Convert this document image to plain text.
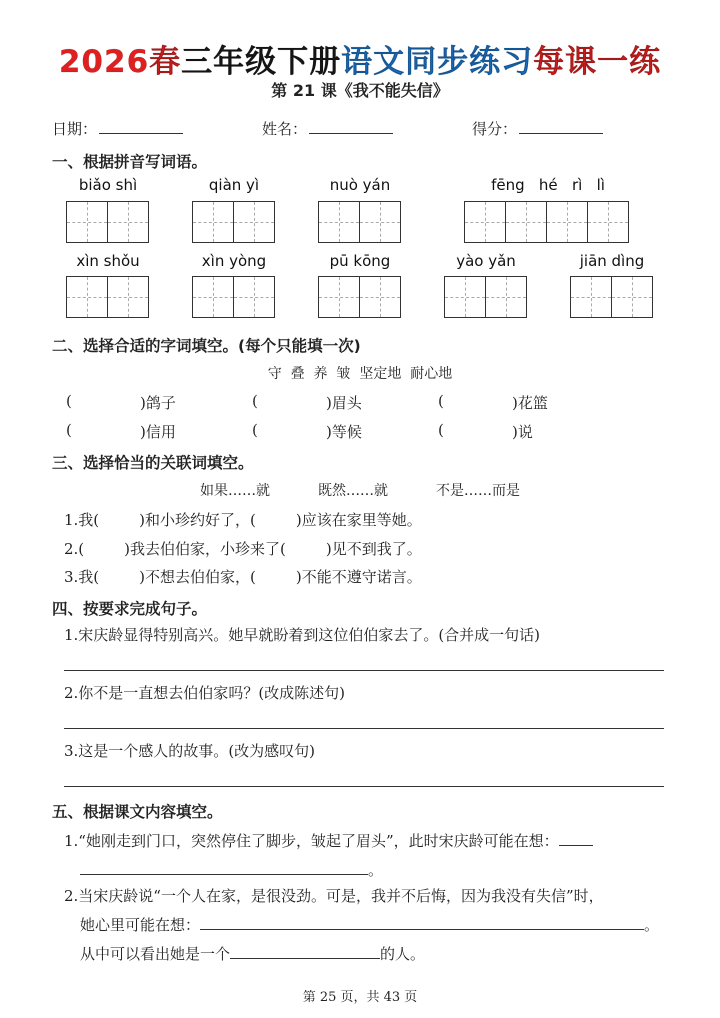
2026春三年级下册语文同步练习每课一练
第 21 课《我不能失信》
日期：	姓名：	得分：
一、根据拼音写词语。
biǎo shì	qiàn yì	nuò yán	fēng   hé   rì   lì
xìn shǒu	xìn yòng	pū kōng	yào yǎn	jiān dìng
二、选择合适的字词填空。(每个只能填一次)
守  叠  养  皱  坚定地  耐心地
(	)鸽子	(	)眉头	(	)花篮
(	)信用	(	)等候	(	)说
三、选择恰当的关联词填空。
如果……就	既然……就	不是……而是
1.我(	)和小珍约好了，(	)应该在家里等她。
2.(	)我去伯伯家，小珍来了(	)见不到我了。
3.我(	)不想去伯伯家，(	)不能不遵守诺言。
四、按要求完成句子。
1.宋庆龄显得特别高兴。她早就盼着到这位伯伯家去了。(合并成一句话)
2.你不是一直想去伯伯家吗？(改成陈述句)
3.这是一个感人的故事。(改为感叹句)
五、根据课文内容填空。
1.“她刚走到门口，突然停住了脚步，皱起了眉头”，此时宋庆龄可能在想：
。
2.当宋庆龄说“一个人在家，是很没劲。可是，我并不后悔，因为我没有失信”时，
她心里可能在想：	。
从中可以看出她是一个	的人。
第 25 页，共 43 页
